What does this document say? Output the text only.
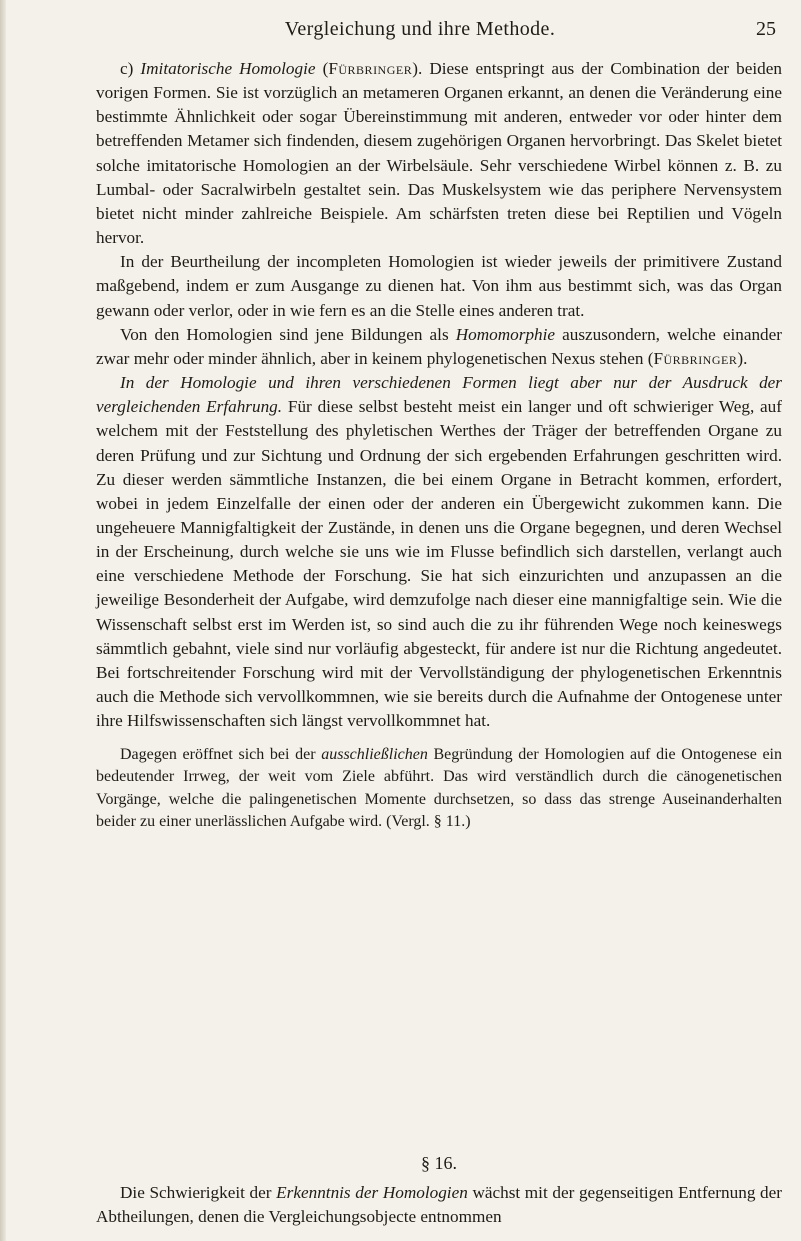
Vergleichung und ihre Methode.	25

c) Imitatorische Homologie (Fürbringer). Diese entspringt aus der Combination der beiden vorigen Formen. Sie ist vorzüglich an metameren Organen erkannt, an denen die Veränderung eine bestimmte Ähnlichkeit oder sogar Übereinstimmung mit anderen, entweder vor oder hinter dem betreffenden Metamer sich findenden, diesem zugehörigen Organen hervorbringt. Das Skelet bietet solche imitatorische Homologien an der Wirbelsäule. Sehr verschiedene Wirbel können z. B. zu Lumbal- oder Sacralwirbeln gestaltet sein. Das Muskelsystem wie das periphere Nervensystem bietet nicht minder zahlreiche Beispiele. Am schärfsten treten diese bei Reptilien und Vögeln hervor.

In der Beurtheilung der incompleten Homologien ist wieder jeweils der primitivere Zustand maßgebend, indem er zum Ausgange zu dienen hat. Von ihm aus bestimmt sich, was das Organ gewann oder verlor, oder in wie fern es an die Stelle eines anderen trat.

Von den Homologien sind jene Bildungen als Homomorphie auszusondern, welche einander zwar mehr oder minder ähnlich, aber in keinem phylogenetischen Nexus stehen (Fürbringer).

In der Homologie und ihren verschiedenen Formen liegt aber nur der Ausdruck der vergleichenden Erfahrung. Für diese selbst besteht meist ein langer und oft schwieriger Weg, auf welchem mit der Feststellung des phyletischen Werthes der Träger der betreffenden Organe zu deren Prüfung und zur Sichtung und Ordnung der sich ergebenden Erfahrungen geschritten wird. Zu dieser werden sämmtliche Instanzen, die bei einem Organe in Betracht kommen, erfordert, wobei in jedem Einzelfalle der einen oder der anderen ein Übergewicht zukommen kann. Die ungeheuere Mannigfaltigkeit der Zustände, in denen uns die Organe begegnen, und deren Wechsel in der Erscheinung, durch welche sie uns wie im Flusse befindlich sich darstellen, verlangt auch eine verschiedene Methode der Forschung. Sie hat sich einzurichten und anzupassen an die jeweilige Besonderheit der Aufgabe, wird demzufolge nach dieser eine mannigfaltige sein. Wie die Wissenschaft selbst erst im Werden ist, so sind auch die zu ihr führenden Wege noch keineswegs sämmtlich gebahnt, viele sind nur vorläufig abgesteckt, für andere ist nur die Richtung angedeutet. Bei fortschreitender Forschung wird mit der Vervollständigung der phylogenetischen Erkenntnis auch die Methode sich vervollkommnen, wie sie bereits durch die Aufnahme der Ontogenese unter ihre Hilfswissenschaften sich längst vervollkommnet hat.

Dagegen eröffnet sich bei der ausschließlichen Begründung der Homologien auf die Ontogenese ein bedeutender Irrweg, der weit vom Ziele abführt. Das wird verständlich durch die cänogenetischen Vorgänge, welche die palingenetischen Momente durchsetzen, so dass das strenge Auseinanderhalten beider zu einer unerlässlichen Aufgabe wird. (Vergl. § 11.)

§ 16.

Die Schwierigkeit der Erkenntnis der Homologien wächst mit der gegenseitigen Entfernung der Abtheilungen, denen die Vergleichungsobjecte entnommen
